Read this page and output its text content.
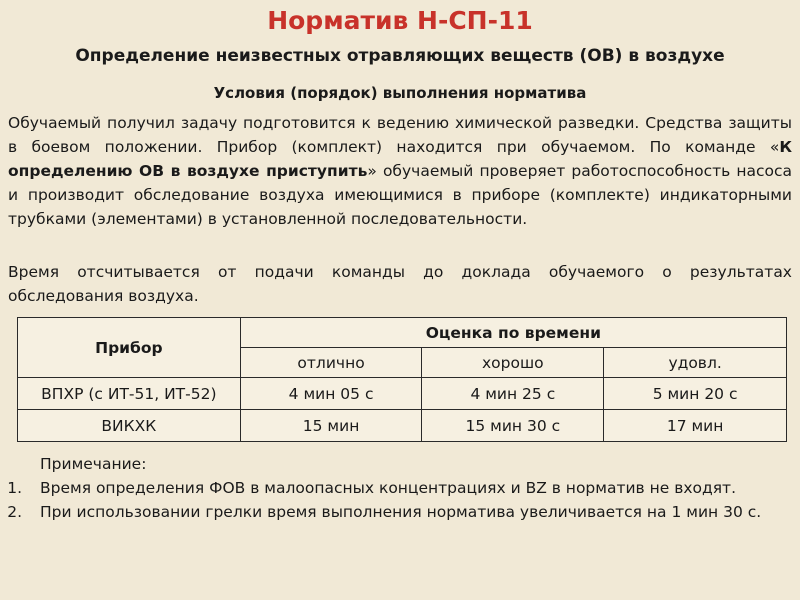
Норматив Н-СП-11
Определение неизвестных отравляющих веществ (ОВ) в воздухе
Условия (порядок) выполнения норматива
Обучаемый получил задачу подготовится к ведению химической разведки. Средства защиты в боевом положении. Прибор (комплект) находится при обучаемом. По команде «К определению ОВ в воздухе приступить» обучаемый проверяет работоспособность насоса и производит обследование воздуха имеющимися в приборе (комплекте) индикаторными трубками (элементами) в установленной последовательности.
Время отсчитывается от подачи команды до доклада обучаемого о результатах обследования воздуха.
Прибор	Оценка по времени		
	отлично	хорошо	удовл.
ВПХР (с ИТ-51, ИТ-52)	4 мин 05 с	4 мин 25 с	5 мин 20 с
ВИКХК	15 мин	15 мин 30 с	17 мин
Примечание:
1. Время определения ФОВ в малоопасных концентрациях и BZ в норматив не входят.
2. При использовании грелки время выполнения норматива увеличивается на 1 мин 30 с.
